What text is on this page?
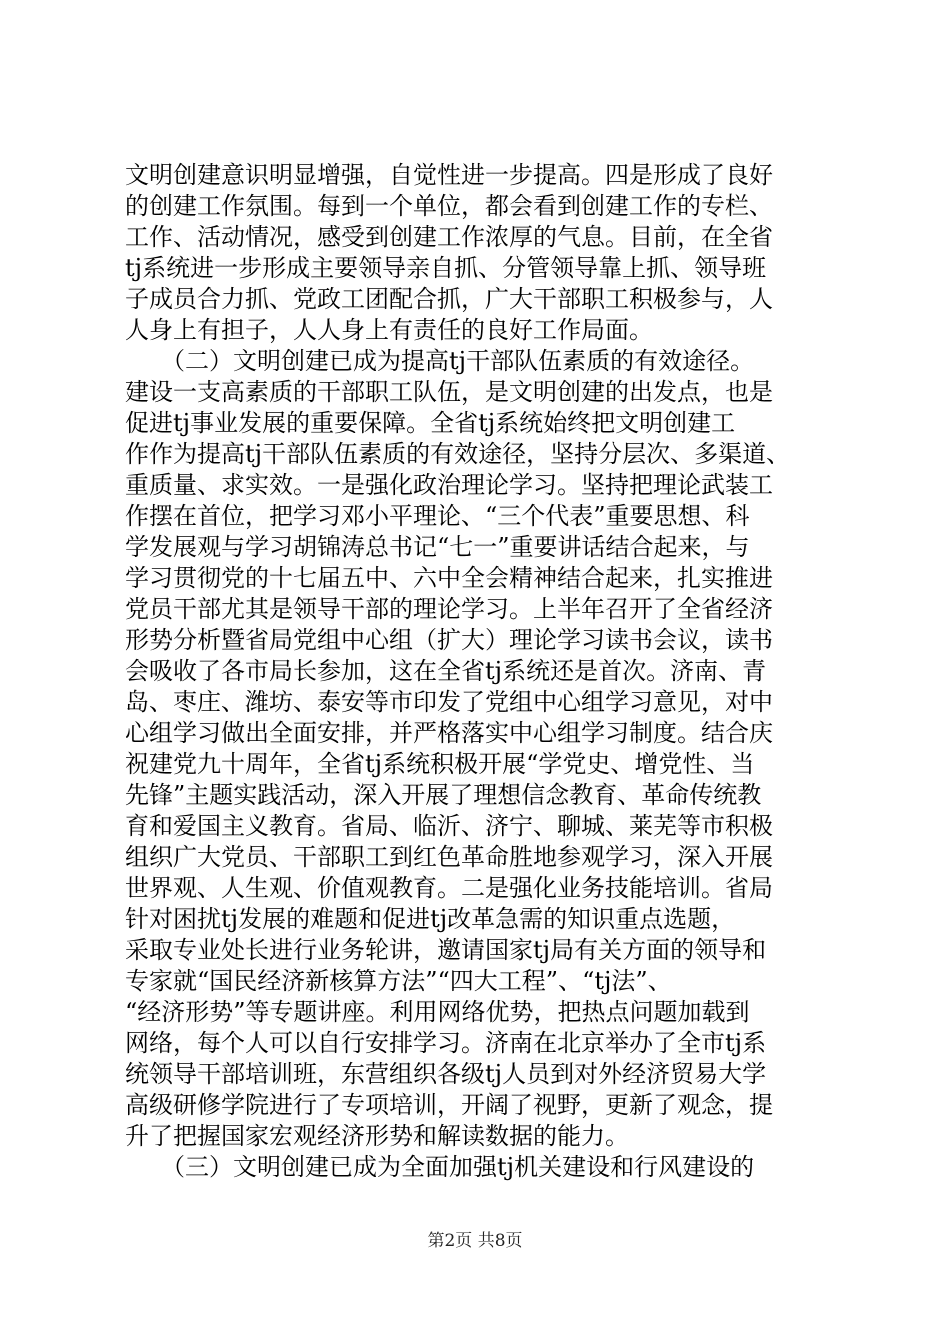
文明创建意识明显增强，自觉性进一步提高。四是形成了良好
的创建工作氛围。每到一个单位，都会看到创建工作的专栏、
工作、活动情况，感受到创建工作浓厚的气息。目前，在全省
tj系统进一步形成主要领导亲自抓、分管领导靠上抓、领导班
子成员合力抓、党政工团配合抓，广大干部职工积极参与，人
人身上有担子，人人身上有责任的良好工作局面。
　　（二）文明创建已成为提高tj干部队伍素质的有效途径。
建设一支高素质的干部职工队伍，是文明创建的出发点，也是
促进tj事业发展的重要保障。全省tj系统始终把文明创建工
作作为提高tj干部队伍素质的有效途径，坚持分层次、多渠道、
重质量、求实效。一是强化政治理论学习。坚持把理论武装工
作摆在首位，把学习邓小平理论、“三个代表”重要思想、科
学发展观与学习胡锦涛总书记“七一”重要讲话结合起来，与
学习贯彻党的十七届五中、六中全会精神结合起来，扎实推进
党员干部尤其是领导干部的理论学习。上半年召开了全省经济
形势分析暨省局党组中心组（扩大）理论学习读书会议，读书
会吸收了各市局长参加，这在全省tj系统还是首次。济南、青
岛、枣庄、潍坊、泰安等市印发了党组中心组学习意见，对中
心组学习做出全面安排，并严格落实中心组学习制度。结合庆
祝建党九十周年，全省tj系统积极开展“学党史、增党性、当
先锋”主题实践活动，深入开展了理想信念教育、革命传统教
育和爱国主义教育。省局、临沂、济宁、聊城、莱芜等市积极
组织广大党员、干部职工到红色革命胜地参观学习，深入开展
世界观、人生观、价值观教育。二是强化业务技能培训。省局
针对困扰tj发展的难题和促进tj改革急需的知识重点选题，
采取专业处长进行业务轮讲，邀请国家tj局有关方面的领导和
专家就“国民经济新核算方法”“四大工程”、“tj法”、
“经济形势”等专题讲座。利用网络优势，把热点问题加载到
网络，每个人可以自行安排学习。济南在北京举办了全市tj系
统领导干部培训班，东营组织各级tj人员到对外经济贸易大学
高级研修学院进行了专项培训，开阔了视野，更新了观念，提
升了把握国家宏观经济形势和解读数据的能力。
　　（三）文明创建已成为全面加强tj机关建设和行风建设的
第2页 共8页
